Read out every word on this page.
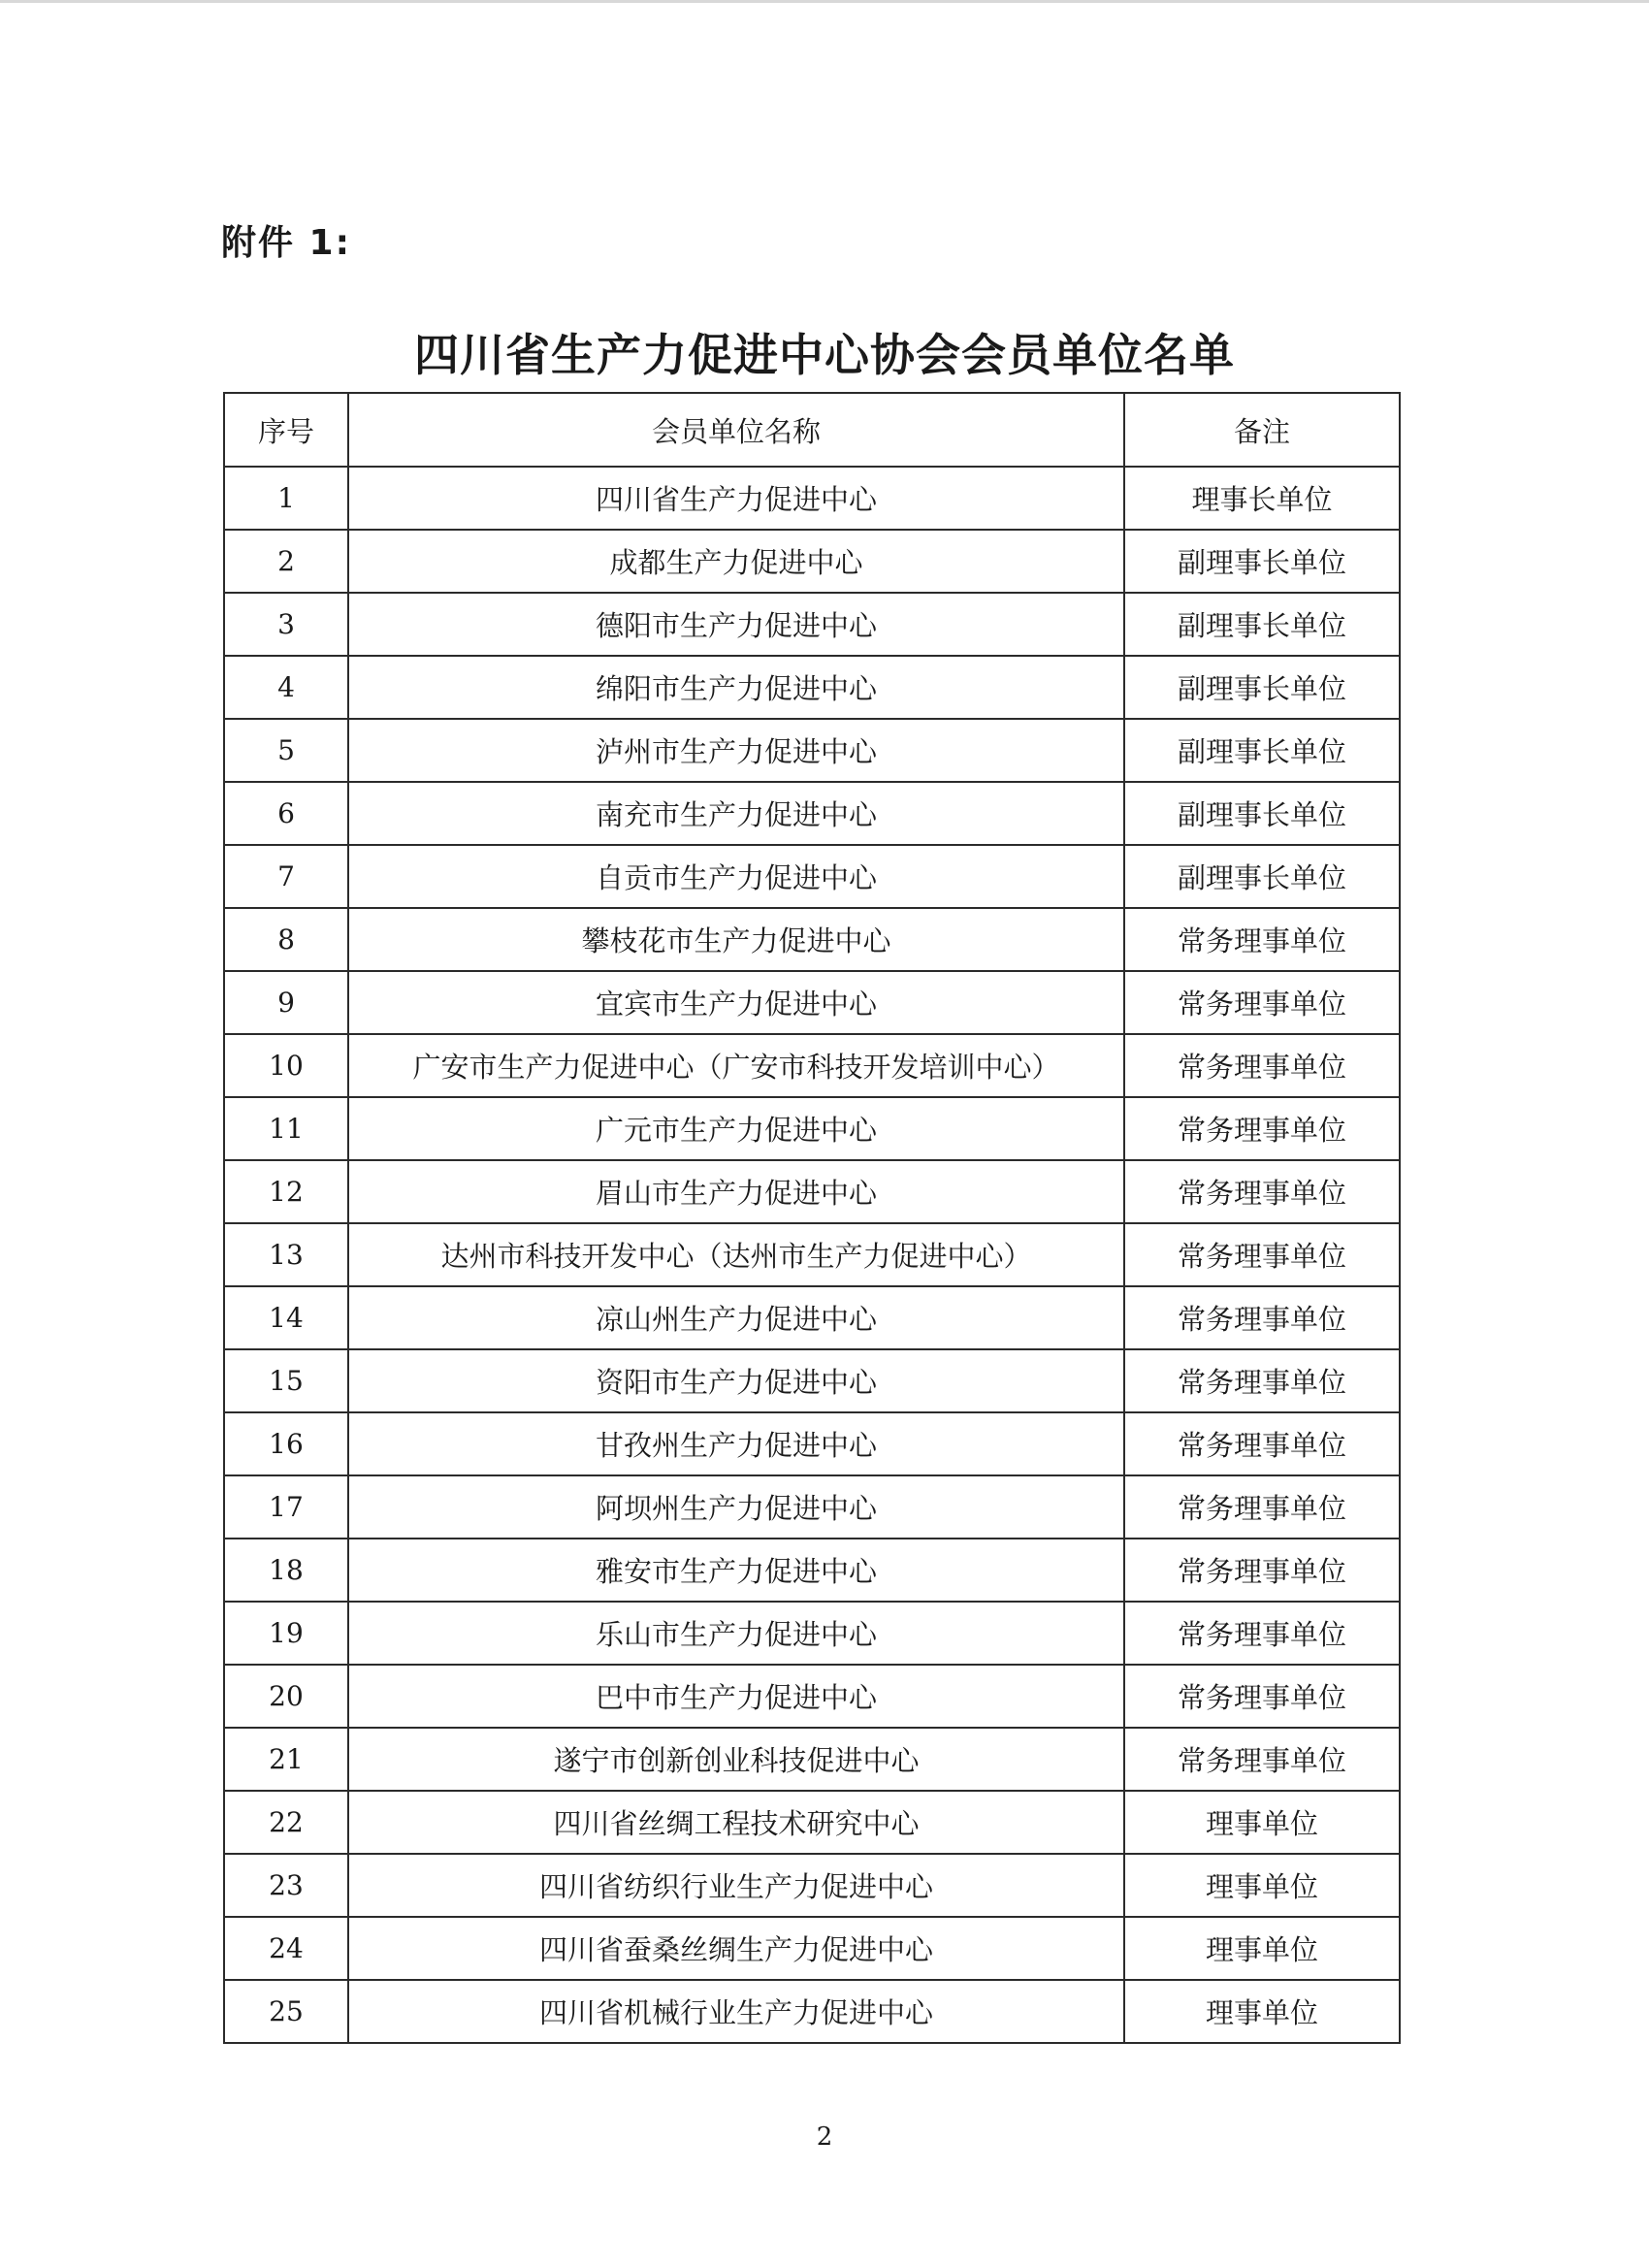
附件 1:
四川省生产力促进中心协会会员单位名单
序号	会员单位名称	备注
1	四川省生产力促进中心	理事长单位
2	成都生产力促进中心	副理事长单位
3	德阳市生产力促进中心	副理事长单位
4	绵阳市生产力促进中心	副理事长单位
5	泸州市生产力促进中心	副理事长单位
6	南充市生产力促进中心	副理事长单位
7	自贡市生产力促进中心	副理事长单位
8	攀枝花市生产力促进中心	常务理事单位
9	宜宾市生产力促进中心	常务理事单位
10	广安市生产力促进中心（广安市科技开发培训中心）	常务理事单位
11	广元市生产力促进中心	常务理事单位
12	眉山市生产力促进中心	常务理事单位
13	达州市科技开发中心（达州市生产力促进中心）	常务理事单位
14	凉山州生产力促进中心	常务理事单位
15	资阳市生产力促进中心	常务理事单位
16	甘孜州生产力促进中心	常务理事单位
17	阿坝州生产力促进中心	常务理事单位
18	雅安市生产力促进中心	常务理事单位
19	乐山市生产力促进中心	常务理事单位
20	巴中市生产力促进中心	常务理事单位
21	遂宁市创新创业科技促进中心	常务理事单位
22	四川省丝绸工程技术研究中心	理事单位
23	四川省纺织行业生产力促进中心	理事单位
24	四川省蚕桑丝绸生产力促进中心	理事单位
25	四川省机械行业生产力促进中心	理事单位
2
